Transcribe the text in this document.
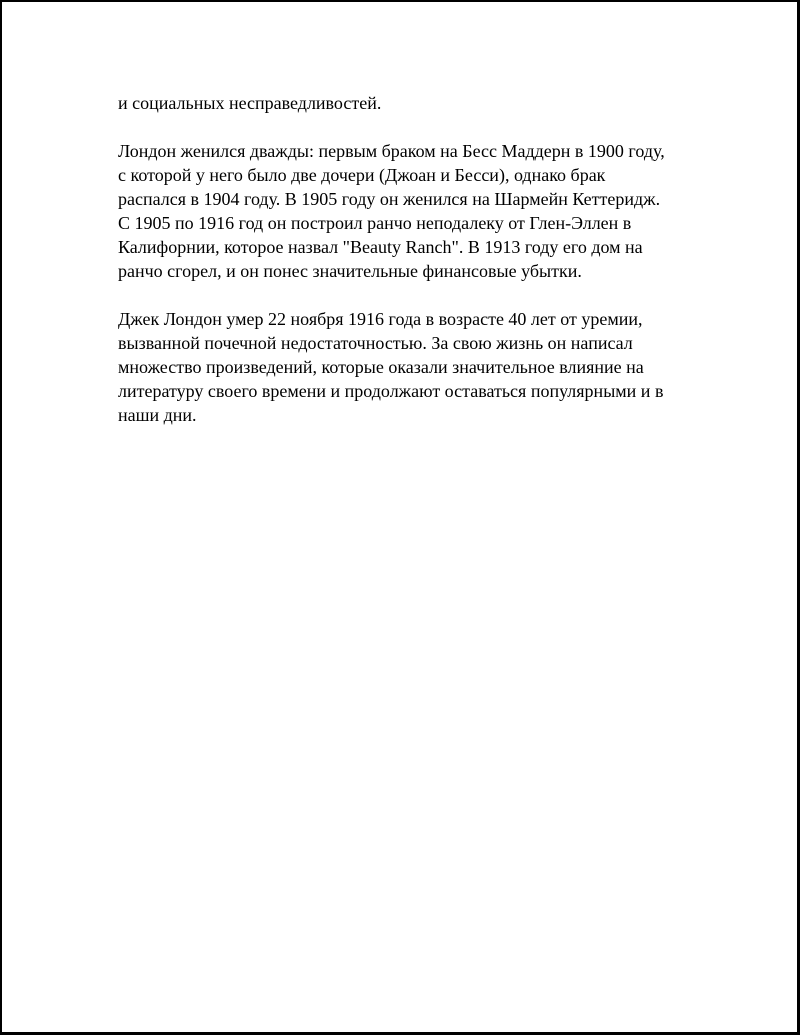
и социальных несправедливостей.

Лондон женился дважды: первым браком на Бесс Маддерн в 1900 году,
с которой у него было две дочери (Джоан и Бесси), однако брак
распался в 1904 году. В 1905 году он женился на Шармейн Кеттеридж.
С 1905 по 1916 год он построил ранчо неподалеку от Глен-Эллен в
Калифорнии, которое назвал "Beauty Ranch". В 1913 году его дом на
ранчо сгорел, и он понес значительные финансовые убытки.

Джек Лондон умер 22 ноября 1916 года в возрасте 40 лет от уремии,
вызванной почечной недостаточностью. За свою жизнь он написал
множество произведений, которые оказали значительное влияние на
литературу своего времени и продолжают оставаться популярными и в
наши дни.
